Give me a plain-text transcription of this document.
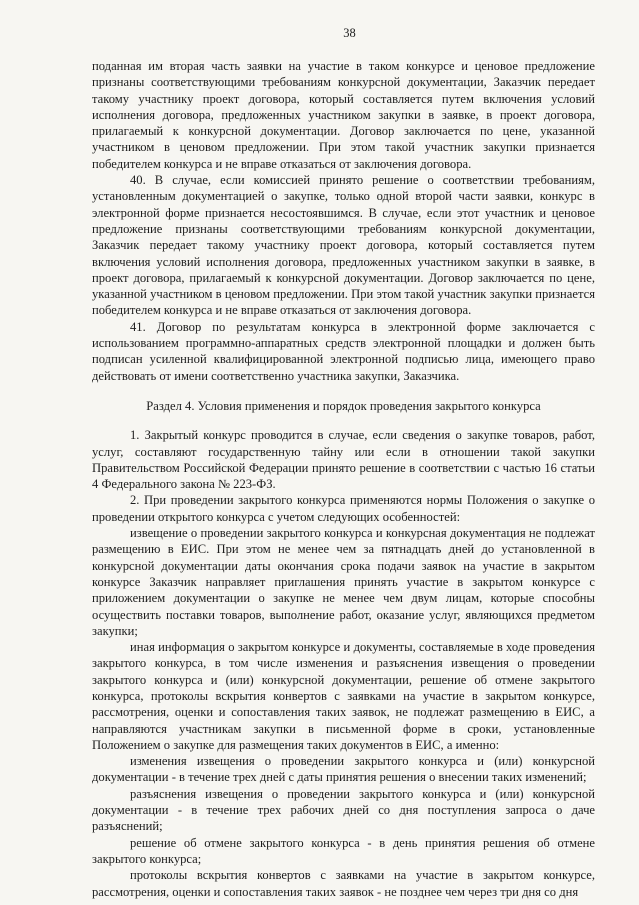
38

поданная им вторая часть заявки на участие в таком конкурсе и ценовое предложение признаны соответствующими требованиям конкурсной документации, Заказчик передает такому участнику проект договора, который составляется путем включения условий исполнения договора, предложенных участником закупки в заявке, в проект договора, прилагаемый к конкурсной документации. Договор заключается по цене, указанной участником в ценовом предложении. При этом такой участник закупки признается победителем конкурса и не вправе отказаться от заключения договора.

40. В случае, если комиссией принято решение о соответствии требованиям, установленным документацией о закупке, только одной второй части заявки, конкурс в электронной форме признается несостоявшимся. В случае, если этот участник и ценовое предложение признаны соответствующими требованиям конкурсной документации, Заказчик передает такому участнику проект договора, который составляется путем включения условий исполнения договора, предложенных участником закупки в заявке, в проект договора, прилагаемый к конкурсной документации. Договор заключается по цене, указанной участником в ценовом предложении. При этом такой участник закупки признается победителем конкурса и не вправе отказаться от заключения договора.

41. Договор по результатам конкурса в электронной форме заключается с использованием программно-аппаратных средств электронной площадки и должен быть подписан усиленной квалифицированной электронной подписью лица, имеющего право действовать от имени соответственно участника закупки, Заказчика.

Раздел 4. Условия применения и порядок проведения закрытого конкурса

1. Закрытый конкурс проводится в случае, если сведения о закупке товаров, работ, услуг, составляют государственную тайну или если в отношении такой закупки Правительством Российской Федерации принято решение в соответствии с частью 16 статьи 4 Федерального закона № 223-ФЗ.

2. При проведении закрытого конкурса применяются нормы Положения о закупке о проведении открытого конкурса с учетом следующих особенностей:

извещение о проведении закрытого конкурса и конкурсная документация не подлежат размещению в ЕИС. При этом не менее чем за пятнадцать дней до установленной в конкурсной документации даты окончания срока подачи заявок на участие в закрытом конкурсе Заказчик направляет приглашения принять участие в закрытом конкурсе с приложением документации о закупке не менее чем двум лицам, которые способны осуществить поставки товаров, выполнение работ, оказание услуг, являющихся предметом закупки;

иная информация о закрытом конкурсе и документы, составляемые в ходе проведения закрытого конкурса, в том числе изменения и разъяснения извещения о проведении закрытого конкурса и (или) конкурсной документации, решение об отмене закрытого конкурса, протоколы вскрытия конвертов с заявками на участие в закрытом конкурсе, рассмотрения, оценки и сопоставления таких заявок, не подлежат размещению в ЕИС, а направляются участникам закупки в письменной форме в сроки, установленные Положением о закупке для размещения таких документов в ЕИС, а именно:

изменения извещения о проведении закрытого конкурса и (или) конкурсной документации - в течение трех дней с даты принятия решения о внесении таких изменений;

разъяснения извещения о проведении закрытого конкурса и (или) конкурсной документации - в течение трех рабочих дней со дня поступления запроса о даче разъяснений;

решение об отмене закрытого конкурса - в день принятия решения об отмене закрытого конкурса;

протоколы вскрытия конвертов с заявками на участие в закрытом конкурсе, рассмотрения, оценки и сопоставления таких заявок - не позднее чем через три дня со дня
